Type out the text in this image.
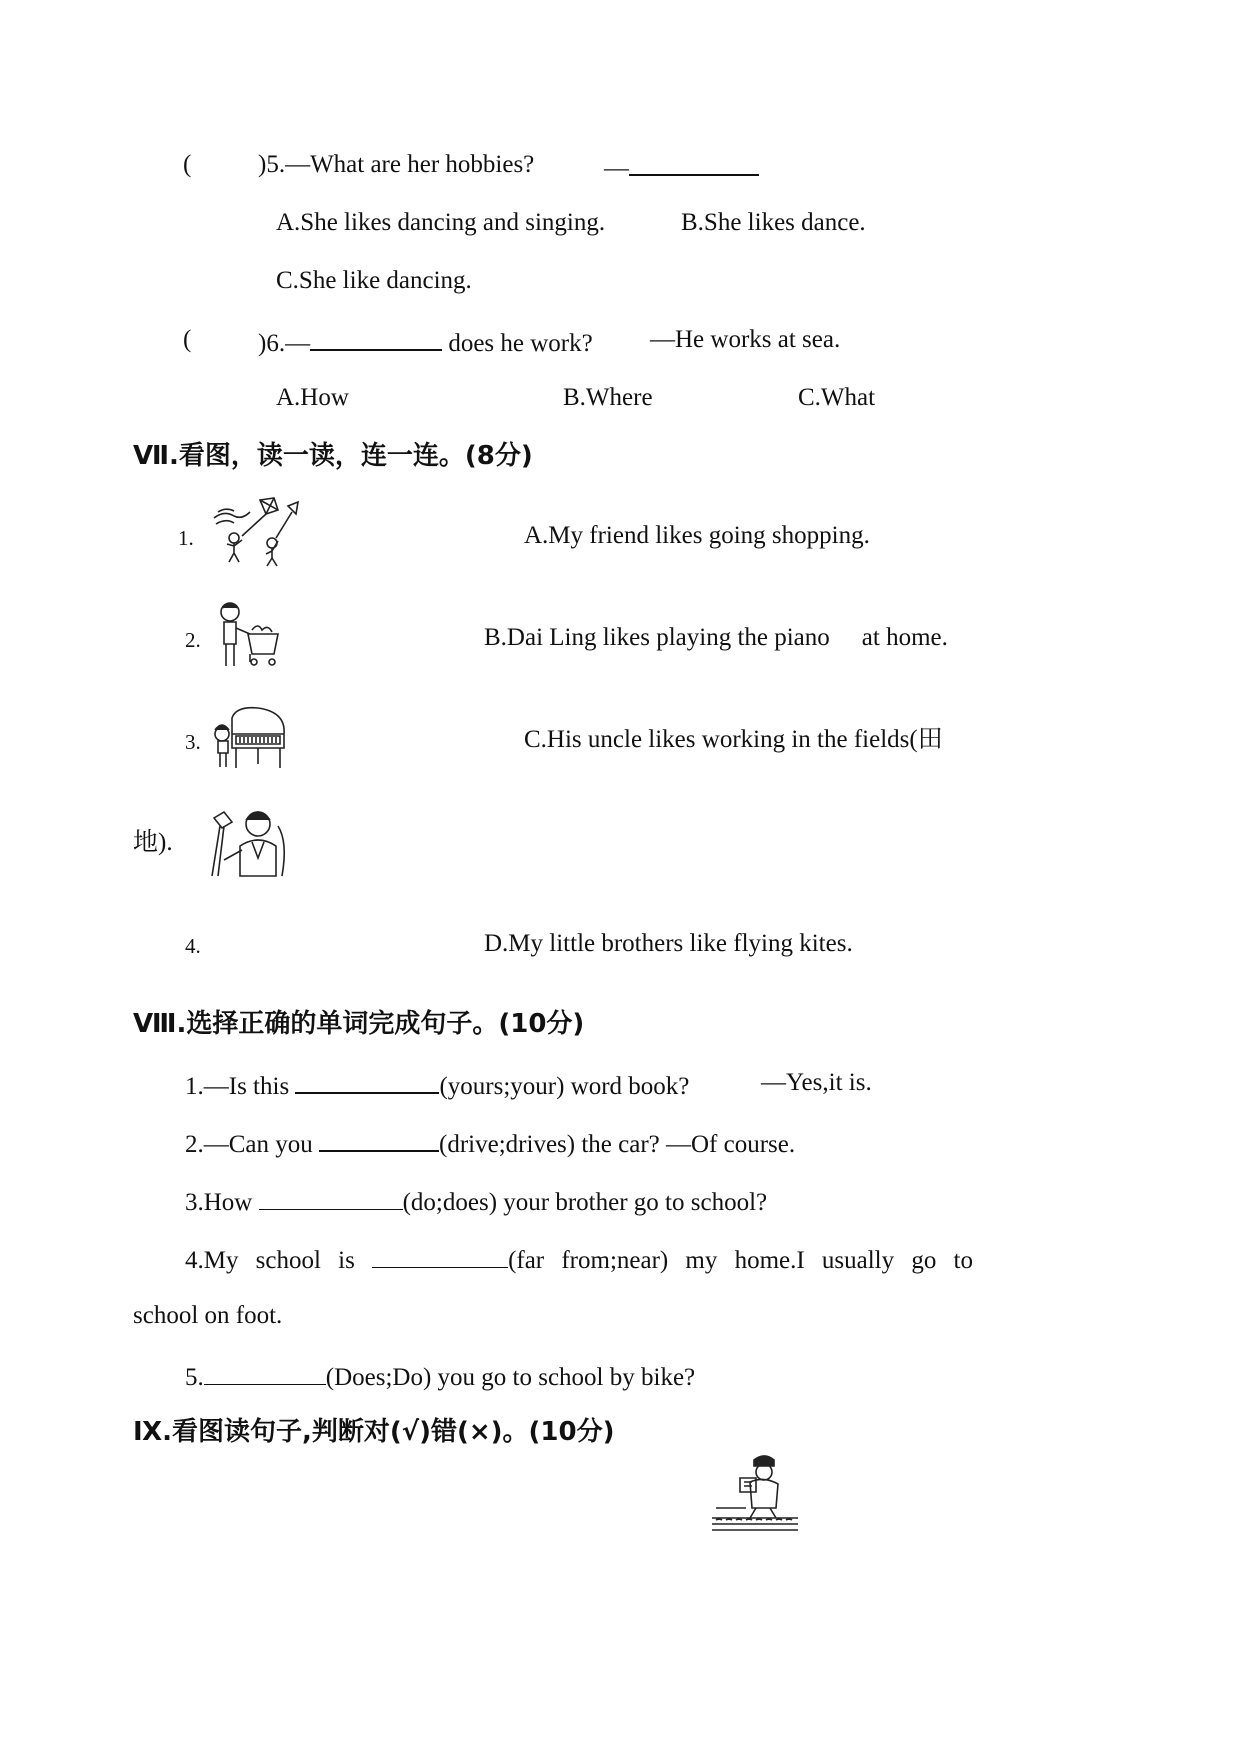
(	)5.—What are her hobbies?	—
A.She likes dancing and singing.	B.She likes dance.
C.She like dancing.
(	)6.—	does he work? —He works at sea.
A.How	B.Where	C.What
Ⅶ.看图，读一读，连一连。(8分)
1.	A.My friend likes going shopping.
2.	B.Dai Ling likes playing the piano at home.
3.	C.His uncle likes working in the fields(田
地).
4.	D.My little brothers like flying kites.
Ⅷ.选择正确的单词完成句子。(10分)
1.—Is this	(yours;your) word book?	—Yes,it is.
2.—Can you	(drive;drives) the car? —Of course.
3.How	(do;does) your brother go to school?
4.My school is	(far from;near) my home.I usually go to
school on foot.
5.	(Does;Do) you go to school by bike?
Ⅸ.看图读句子,判断对(√)错(×)。(10分)
